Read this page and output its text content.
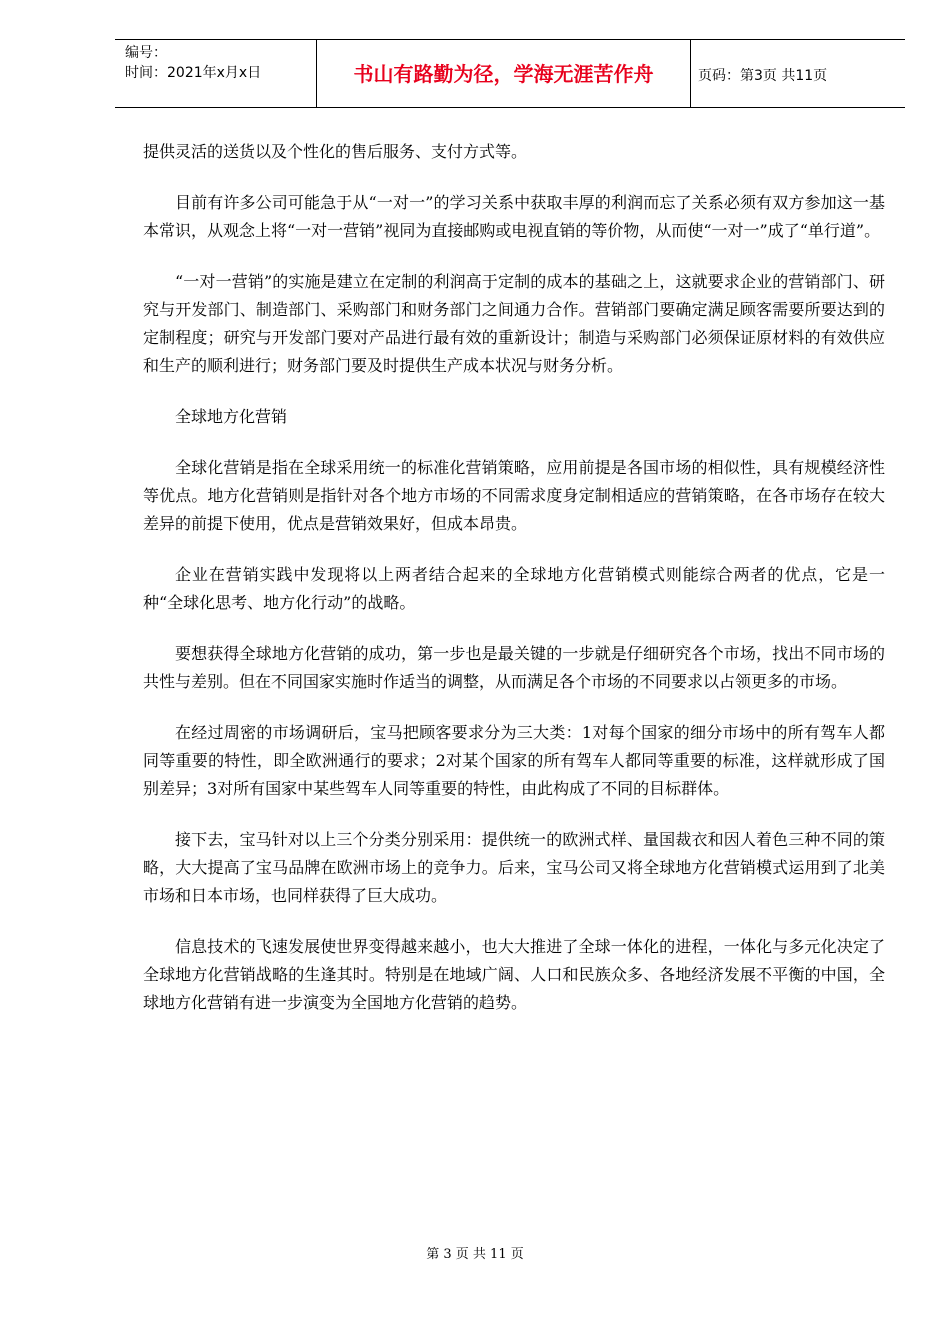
编号：
时间：2021年x月x日	书山有路勤为径，学海无涯苦作舟	页码：第3页 共11页

提供灵活的送货以及个性化的售后服务、支付方式等。

目前有许多公司可能急于从“一对一”的学习关系中获取丰厚的利润而忘了关系必须有双方参加这一基本常识，从观念上将“一对一营销”视同为直接邮购或电视直销的等价物，从而使“一对一”成了“单行道”。

“一对一营销”的实施是建立在定制的利润高于定制的成本的基础之上，这就要求企业的营销部门、研究与开发部门、制造部门、采购部门和财务部门之间通力合作。营销部门要确定满足顾客需要所要达到的定制程度；研究与开发部门要对产品进行最有效的重新设计；制造与采购部门必须保证原材料的有效供应和生产的顺利进行；财务部门要及时提供生产成本状况与财务分析。

全球地方化营销

全球化营销是指在全球采用统一的标准化营销策略，应用前提是各国市场的相似性，具有规模经济性等优点。地方化营销则是指针对各个地方市场的不同需求度身定制相适应的营销策略，在各市场存在较大差异的前提下使用，优点是营销效果好，但成本昂贵。

企业在营销实践中发现将以上两者结合起来的全球地方化营销模式则能综合两者的优点，它是一种“全球化思考、地方化行动”的战略。

要想获得全球地方化营销的成功，第一步也是最关键的一步就是仔细研究各个市场，找出不同市场的共性与差别。但在不同国家实施时作适当的调整，从而满足各个市场的不同要求以占领更多的市场。

在经过周密的市场调研后，宝马把顾客要求分为三大类：1对每个国家的细分市场中的所有驾车人都同等重要的特性，即全欧洲通行的要求；2对某个国家的所有驾车人都同等重要的标准，这样就形成了国别差异；3对所有国家中某些驾车人同等重要的特性，由此构成了不同的目标群体。

接下去，宝马针对以上三个分类分别采用：提供统一的欧洲式样、量国裁衣和因人着色三种不同的策略，大大提高了宝马品牌在欧洲市场上的竞争力。后来，宝马公司又将全球地方化营销模式运用到了北美市场和日本市场，也同样获得了巨大成功。

信息技术的飞速发展使世界变得越来越小，也大大推进了全球一体化的进程，一体化与多元化决定了全球地方化营销战略的生逢其时。特别是在地域广阔、人口和民族众多、各地经济发展不平衡的中国，全球地方化营销有进一步演变为全国地方化营销的趋势。

第 3 页 共 11 页
